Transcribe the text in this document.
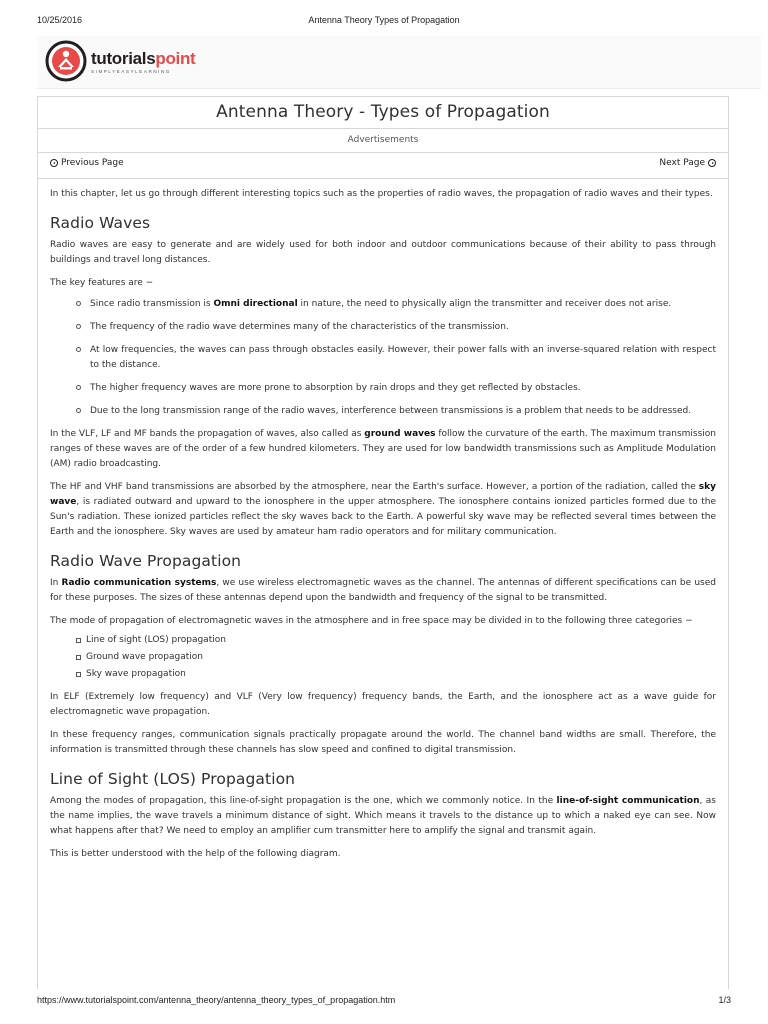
10/25/2016	Antenna Theory Types of Propagation
tutorialspoint
SIMPLYEASYLEARNING
Antenna Theory - Types of Propagation
Advertisements
Previous Page	Next Page

In this chapter, let us go through different interesting topics such as the properties of radio waves, the propagation of radio waves and their types.

Radio Waves

Radio waves are easy to generate and are widely used for both indoor and outdoor communications because of their ability to pass through buildings and travel long distances.

The key features are −

Since radio transmission is Omni directional in nature, the need to physically align the transmitter and receiver does not arise.
The frequency of the radio wave determines many of the characteristics of the transmission.
At low frequencies, the waves can pass through obstacles easily. However, their power falls with an inverse-squared relation with respect to the distance.
The higher frequency waves are more prone to absorption by rain drops and they get reflected by obstacles.
Due to the long transmission range of the radio waves, interference between transmissions is a problem that needs to be addressed.

In the VLF, LF and MF bands the propagation of waves, also called as ground waves follow the curvature of the earth. The maximum transmission ranges of these waves are of the order of a few hundred kilometers. They are used for low bandwidth transmissions such as Amplitude Modulation (AM) radio broadcasting.

The HF and VHF band transmissions are absorbed by the atmosphere, near the Earth's surface. However, a portion of the radiation, called the sky wave, is radiated outward and upward to the ionosphere in the upper atmosphere. The ionosphere contains ionized particles formed due to the Sun's radiation. These ionized particles reflect the sky waves back to the Earth. A powerful sky wave may be reflected several times between the Earth and the ionosphere. Sky waves are used by amateur ham radio operators and for military communication.

Radio Wave Propagation

In Radio communication systems, we use wireless electromagnetic waves as the channel. The antennas of different specifications can be used for these purposes. The sizes of these antennas depend upon the bandwidth and frequency of the signal to be transmitted.

The mode of propagation of electromagnetic waves in the atmosphere and in free space may be divided in to the following three categories −

Line of sight (LOS) propagation
Ground wave propagation
Sky wave propagation

In ELF (Extremely low frequency) and VLF (Very low frequency) frequency bands, the Earth, and the ionosphere act as a wave guide for electromagnetic wave propagation.

In these frequency ranges, communication signals practically propagate around the world. The channel band widths are small. Therefore, the information is transmitted through these channels has slow speed and confined to digital transmission.

Line of Sight (LOS) Propagation

Among the modes of propagation, this line-of-sight propagation is the one, which we commonly notice. In the line-of-sight communication, as the name implies, the wave travels a minimum distance of sight. Which means it travels to the distance up to which a naked eye can see. Now what happens after that? We need to employ an amplifier cum transmitter here to amplify the signal and transmit again.

This is better understood with the help of the following diagram.

https://www.tutorialspoint.com/antenna_theory/antenna_theory_types_of_propagation.htm	1/3
